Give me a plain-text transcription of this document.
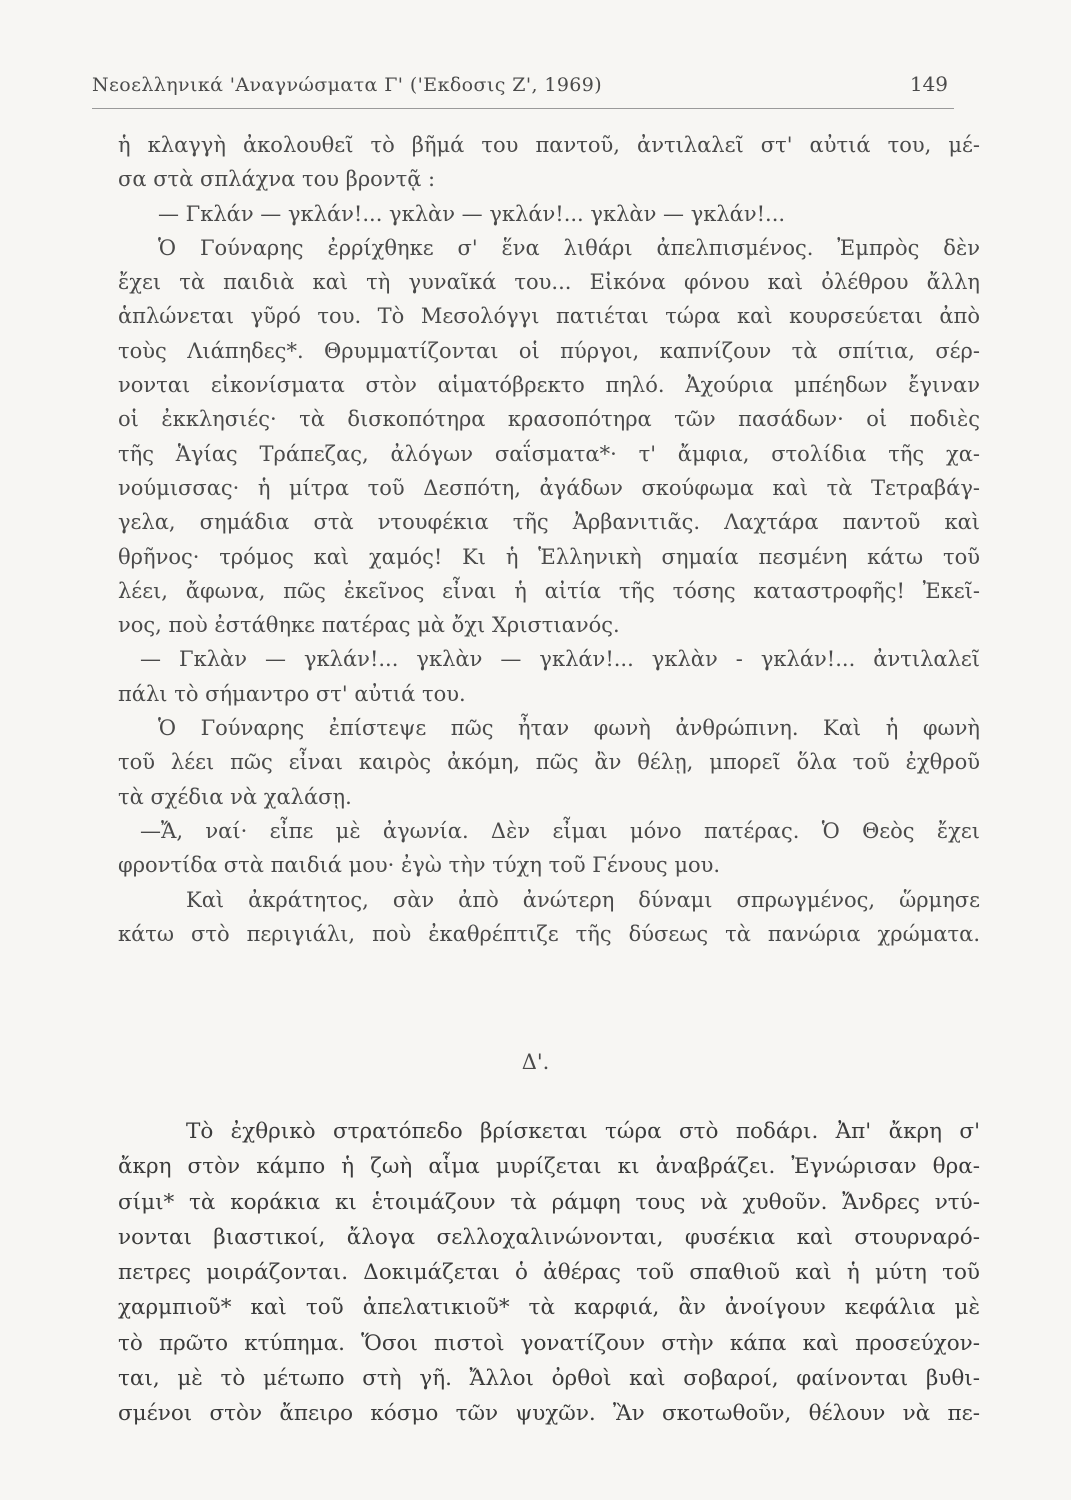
Νεοελληνικά 'Αναγνώσματα Γ' ('Εκδοσις Ζ', 1969)	149
ἡ κλαγγὴ ἀκολουθεῖ τὸ βῆμά του παντοῦ, ἀντιλαλεῖ στ' αὐτιά του, μέ-
σα στὰ σπλάχνα του βροντᾷ :
— Γκλάν — γκλάν!... γκλὰν — γκλάν!... γκλὰν — γκλάν!...
Ὁ Γούναρης ἐρρίχθηκε σ' ἕνα λιθάρι ἀπελπισμένος. Ἐμπρὸς δὲν
ἔχει τὰ παιδιὰ καὶ τὴ γυναῖκά του... Εἰκόνα φόνου καὶ ὀλέθρου ἄλλη
ἁπλώνεται γῦρό του. Τὸ Μεσολόγγι πατιέται τώρα καὶ κουρσεύεται ἀπὸ
τοὺς Λιάπηδες*. Θρυμματίζονται οἱ πύργοι, καπνίζουν τὰ σπίτια, σέρ-
νονται εἰκονίσματα στὸν αἱματόβρεκτο πηλό. Ἀχούρια μπέηδων ἔγιναν
οἱ ἐκκλησιές· τὰ δισκοπότηρα κρασοπότηρα τῶν πασάδων· οἱ ποδιὲς
τῆς Ἁγίας Τράπεζας, ἀλόγων σαΐσματα*· τ' ἄμφια, στολίδια τῆς χα-
νούμισσας· ἡ μίτρα τοῦ Δεσπότη, ἀγάδων σκούφωμα καὶ τὰ Τετραβάγ-
γελα, σημάδια στὰ ντουφέκια τῆς Ἀρβανιτιᾶς. Λαχτάρα παντοῦ καὶ
θρῆνος· τρόμος καὶ χαμός! Κι ἡ Ἑλληνικὴ σημαία πεσμένη κάτω τοῦ
λέει, ἄφωνα, πῶς ἐκεῖνος εἶναι ἡ αἰτία τῆς τόσης καταστροφῆς! Ἐκεῖ-
νος, ποὺ ἐστάθηκε πατέρας μὰ ὄχι Χριστιανός.
— Γκλὰν — γκλάν!... γκλὰν — γκλάν!... γκλὰν - γκλάν!... ἀντιλαλεῖ
πάλι τὸ σήμαντρο στ' αὐτιά του.
Ὁ Γούναρης ἐπίστεψε πῶς ἦταν φωνὴ ἀνθρώπινη. Καὶ ἡ φωνὴ
τοῦ λέει πῶς εἶναι καιρὸς ἀκόμη, πῶς ἂν θέλῃ, μπορεῖ ὅλα τοῦ ἐχθροῦ
τὰ σχέδια νὰ χαλάσῃ.
—Ἄ, ναί· εἶπε μὲ ἀγωνία. Δὲν εἶμαι μόνο πατέρας. Ὁ Θεὸς ἔχει
φροντίδα στὰ παιδιά μου· ἐγὼ τὴν τύχη τοῦ Γένους μου.
Καὶ ἀκράτητος, σὰν ἀπὸ ἀνώτερη δύναμι σπρωγμένος, ὥρμησε
κάτω στὸ περιγιάλι, ποὺ ἐκαθρέπτιζε τῆς δύσεως τὰ πανώρια χρώματα.
Δ'.
Τὸ ἐχθρικὸ στρατόπεδο βρίσκεται τώρα στὸ ποδάρι. Ἀπ' ἄκρη σ'
ἄκρη στὸν κάμπο ἡ ζωὴ αἷμα μυρίζεται κι ἀναβράζει. Ἐγνώρισαν θρα-
σίμι* τὰ κοράκια κι ἑτοιμάζουν τὰ ράμφη τους νὰ χυθοῦν. Ἄνδρες ντύ-
νονται βιαστικοί, ἄλογα σελλοχαλινώνονται, φυσέκια καὶ στουρναρό-
πετρες μοιράζονται. Δοκιμάζεται ὁ ἀθέρας τοῦ σπαθιοῦ καὶ ἡ μύτη τοῦ
χαρμπιοῦ* καὶ τοῦ ἀπελατικιοῦ* τὰ καρφιά, ἂν ἀνοίγουν κεφάλια μὲ
τὸ πρῶτο κτύπημα. Ὅσοι πιστοὶ γονατίζουν στὴν κάπα καὶ προσεύχον-
ται, μὲ τὸ μέτωπο στὴ γῆ. Ἄλλοι ὀρθοὶ καὶ σοβαροί, φαίνονται βυθι-
σμένοι στὸν ἄπειρο κόσμο τῶν ψυχῶν. Ἂν σκοτωθοῦν, θέλουν νὰ πε-
